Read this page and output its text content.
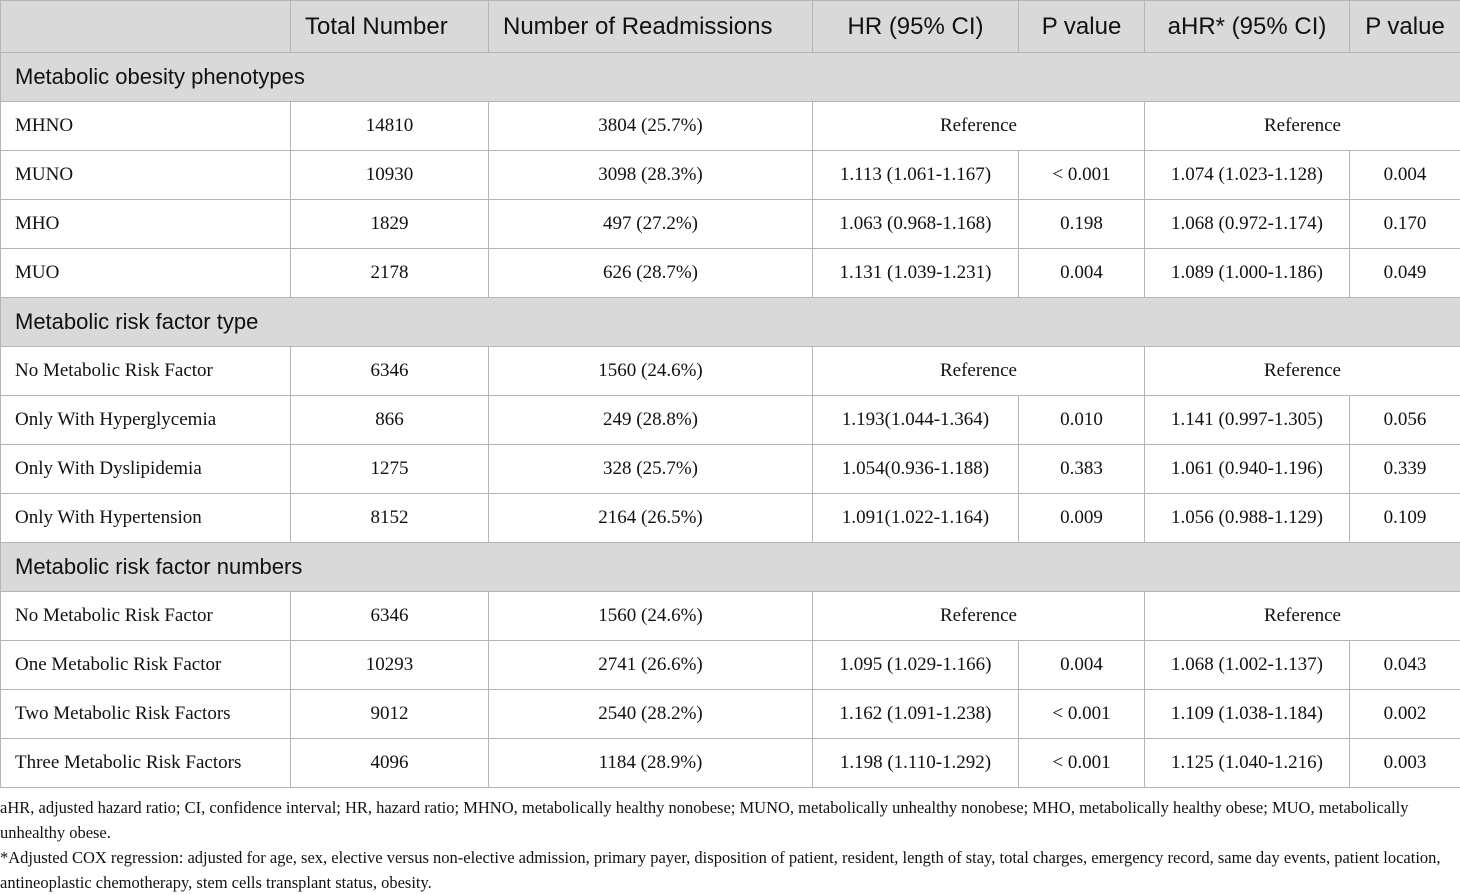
	Total Number	Number of Readmissions	HR (95% CI)	P value	aHR* (95% CI)	P value
Metabolic obesity phenotypes						
MHNO	14810	3804 (25.7%)	Reference		Reference	
MUNO	10930	3098 (28.3%)	1.113 (1.061-1.167)	< 0.001	1.074 (1.023-1.128)	0.004
MHO	1829	497 (27.2%)	1.063 (0.968-1.168)	0.198	1.068 (0.972-1.174)	0.170
MUO	2178	626 (28.7%)	1.131 (1.039-1.231)	0.004	1.089 (1.000-1.186)	0.049
Metabolic risk factor type						
No Metabolic Risk Factor	6346	1560 (24.6%)	Reference		Reference	
Only With Hyperglycemia	866	249 (28.8%)	1.193(1.044-1.364)	0.010	1.141 (0.997-1.305)	0.056
Only With Dyslipidemia	1275	328 (25.7%)	1.054(0.936-1.188)	0.383	1.061 (0.940-1.196)	0.339
Only With Hypertension	8152	2164 (26.5%)	1.091(1.022-1.164)	0.009	1.056 (0.988-1.129)	0.109
Metabolic risk factor numbers						
No Metabolic Risk Factor	6346	1560 (24.6%)	Reference		Reference	
One Metabolic Risk Factor	10293	2741 (26.6%)	1.095 (1.029-1.166)	0.004	1.068 (1.002-1.137)	0.043
Two Metabolic Risk Factors	9012	2540 (28.2%)	1.162 (1.091-1.238)	< 0.001	1.109 (1.038-1.184)	0.002
Three Metabolic Risk Factors	4096	1184 (28.9%)	1.198 (1.110-1.292)	< 0.001	1.125 (1.040-1.216)	0.003

aHR, adjusted hazard ratio; CI, confidence interval; HR, hazard ratio; MHNO, metabolically healthy nonobese; MUNO, metabolically unhealthy nonobese; MHO, metabolically healthy obese; MUO, metabolically unhealthy obese.

*Adjusted COX regression: adjusted for age, sex, elective versus non-elective admission, primary payer, disposition of patient, resident, length of stay, total charges, emergency record, same day events, patient location, antineoplastic chemotherapy, stem cells transplant status, obesity.
